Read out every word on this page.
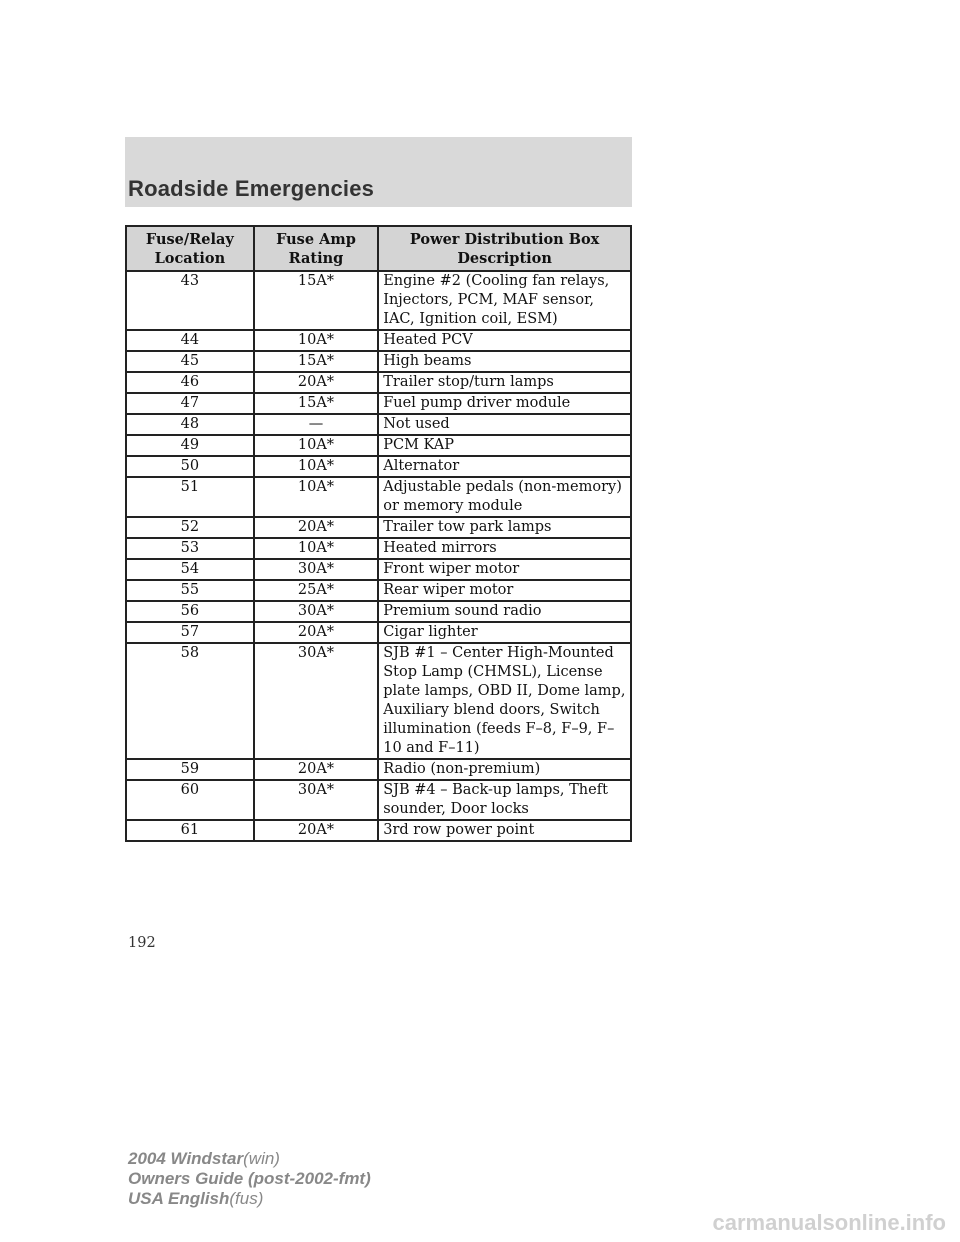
Roadside Emergencies
Fuse/Relay Location	Fuse Amp Rating	Power Distribution Box Description
43	15A*	Engine #2 (Cooling fan relays, Injectors, PCM, MAF sensor, IAC, Ignition coil, ESM)
44	10A*	Heated PCV
45	15A*	High beams
46	20A*	Trailer stop/turn lamps
47	15A*	Fuel pump driver module
48	—	Not used
49	10A*	PCM KAP
50	10A*	Alternator
51	10A*	Adjustable pedals (non-memory) or memory module
52	20A*	Trailer tow park lamps
53	10A*	Heated mirrors
54	30A*	Front wiper motor
55	25A*	Rear wiper motor
56	30A*	Premium sound radio
57	20A*	Cigar lighter
58	30A*	SJB #1 – Center High-Mounted Stop Lamp (CHMSL), License plate lamps, OBD II, Dome lamp, Auxiliary blend doors, Switch illumination (feeds F–8, F–9, F–10 and F–11)
59	20A*	Radio (non-premium)
60	30A*	SJB #4 – Back-up lamps, Theft sounder, Door locks
61	20A*	3rd row power point
192
2004 Windstar(win)
Owners Guide (post-2002-fmt)
USA English(fus)
carmanualsonline.info
